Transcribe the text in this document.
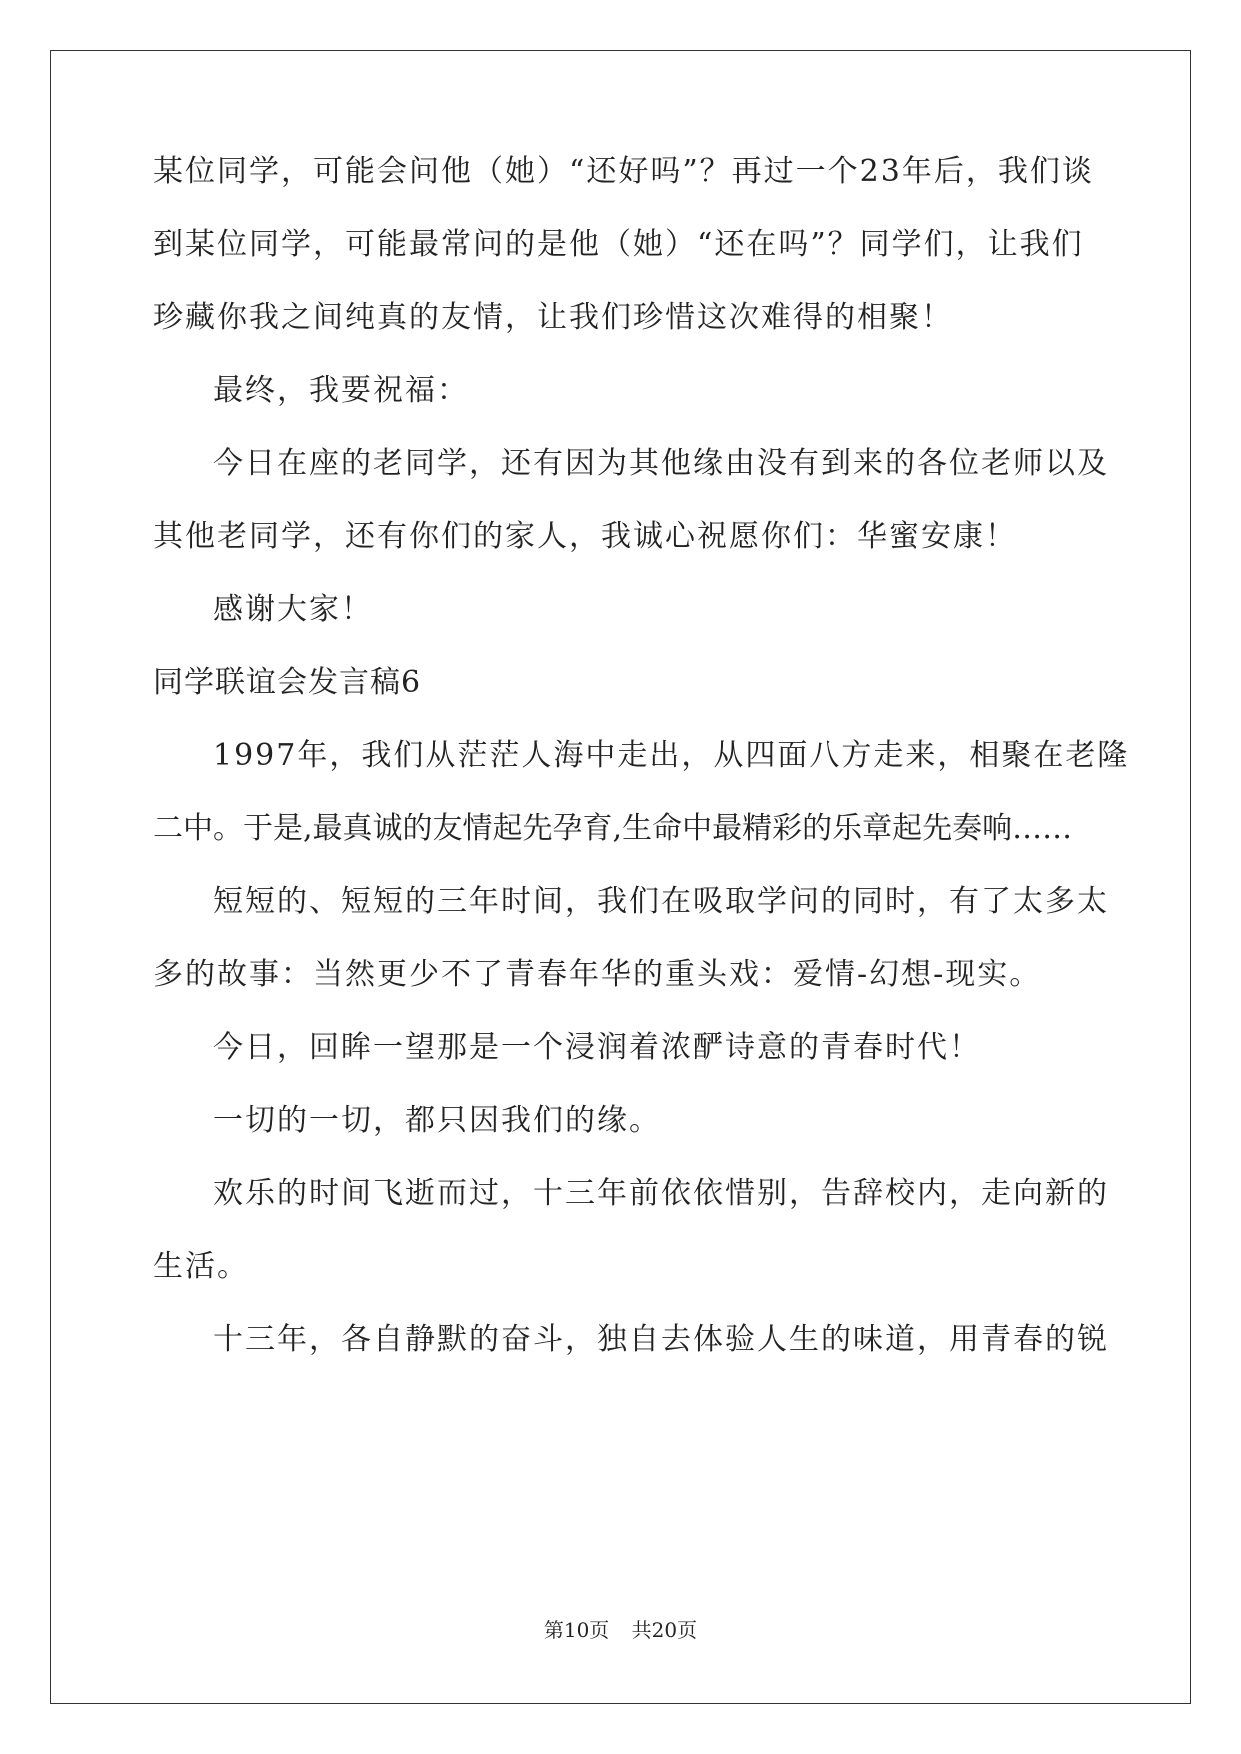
某位同学，可能会问他（她）“还好吗”？再过一个23年后，我们谈
到某位同学，可能最常问的是他（她）“还在吗”？同学们，让我们
珍藏你我之间纯真的友情，让我们珍惜这次难得的相聚！
最终，我要祝福：
今日在座的老同学，还有因为其他缘由没有到来的各位老师以及
其他老同学，还有你们的家人，我诚心祝愿你们：华蜜安康！
感谢大家！
同学联谊会发言稿6
1997年，我们从茫茫人海中走出，从四面八方走来，相聚在老隆
二中。于是,最真诚的友情起先孕育,生命中最精彩的乐章起先奏响……
短短的、短短的三年时间，我们在吸取学问的同时，有了太多太
多的故事：当然更少不了青春年华的重头戏：爱情-幻想-现实。
今日，回眸一望那是一个浸润着浓酽诗意的青春时代！
一切的一切，都只因我们的缘。
欢乐的时间飞逝而过，十三年前依依惜别，告辞校内，走向新的
生活。
十三年，各自静默的奋斗，独自去体验人生的味道，用青春的锐
第10页 共20页
